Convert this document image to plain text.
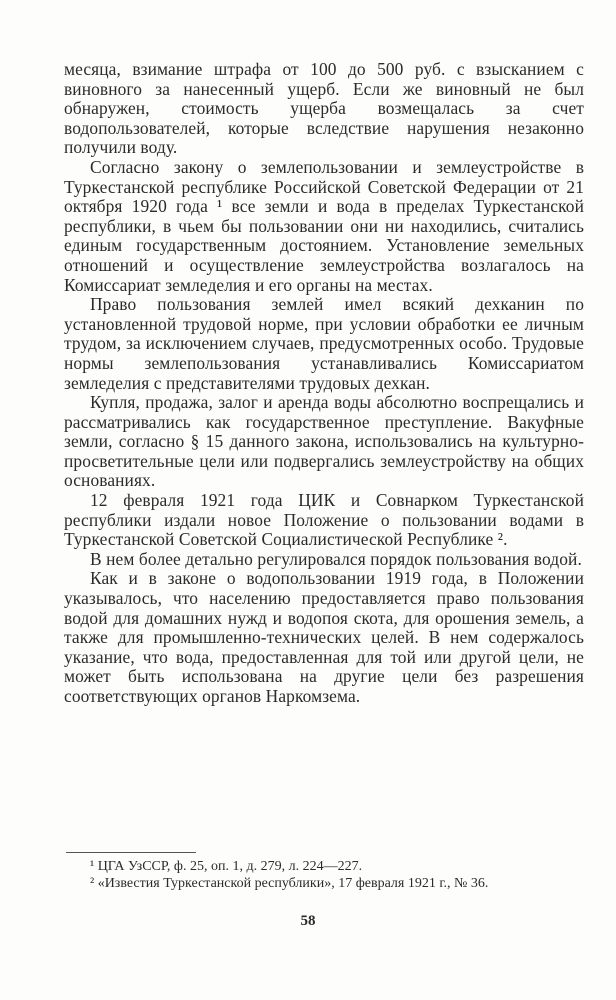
месяца, взимание штрафа от 100 до 500 руб. с взысканием с виновного за нанесенный ущерб. Если же виновный не был обнаружен, стоимость ущерба возмещалась за счет водопользователей, которые вследствие нарушения незаконно получили воду.

Согласно закону о землепользовании и землеустройстве в Туркестанской республике Российской Советской Федерации от 21 октября 1920 года ¹ все земли и вода в пределах Туркестанской республики, в чьем бы пользовании они ни находились, считались единым государственным достоянием. Установление земельных отношений и осуществление землеустройства возлагалось на Комиссариат земледелия и его органы на местах.

Право пользования землей имел всякий дехканин по установленной трудовой норме, при условии обработки ее личным трудом, за исключением случаев, предусмотренных особо. Трудовые нормы землепользования устанавливались Комиссариатом земледелия с представителями трудовых дехкан.

Купля, продажа, залог и аренда воды абсолютно воспрещались и рассматривались как государственное преступление. Вакуфные земли, согласно § 15 данного закона, использовались на культурно-просветительные цели или подвергались землеустройству на общих основаниях.

12 февраля 1921 года ЦИК и Совнарком Туркестанской республики издали новое Положение о пользовании водами в Туркестанской Советской Социалистической Республике ².

В нем более детально регулировался порядок пользования водой.

Как и в законе о водопользовании 1919 года, в Положении указывалось, что населению предоставляется право пользования водой для домашних нужд и водопоя скота, для орошения земель, а также для промышленно-технических целей. В нем содержалось указание, что вода, предоставленная для той или другой цели, не может быть использована на другие цели без разрешения соответствующих органов Наркомзема.

¹ ЦГА УзССР, ф. 25, оп. 1, д. 279, л. 224—227.

² «Известия Туркестанской республики», 17 февраля 1921 г., № 36.

58
